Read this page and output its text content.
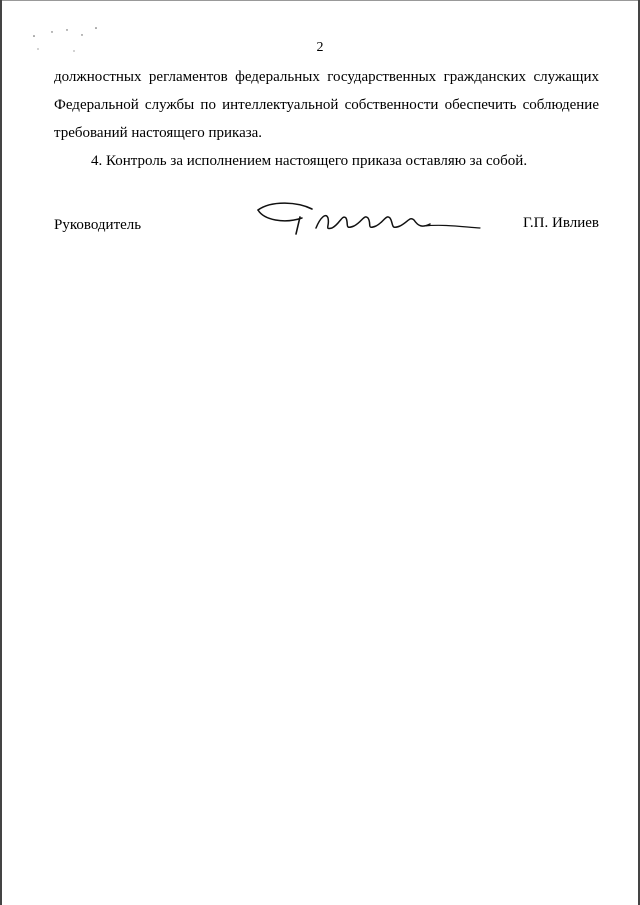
2

должностных регламентов федеральных государственных гражданских служащих Федеральной службы по интеллектуальной собственности обеспечить соблюдение требований настоящего приказа.

4. Контроль за исполнением настоящего приказа оставляю за собой.

Руководитель	Г.П. Ивлиев
